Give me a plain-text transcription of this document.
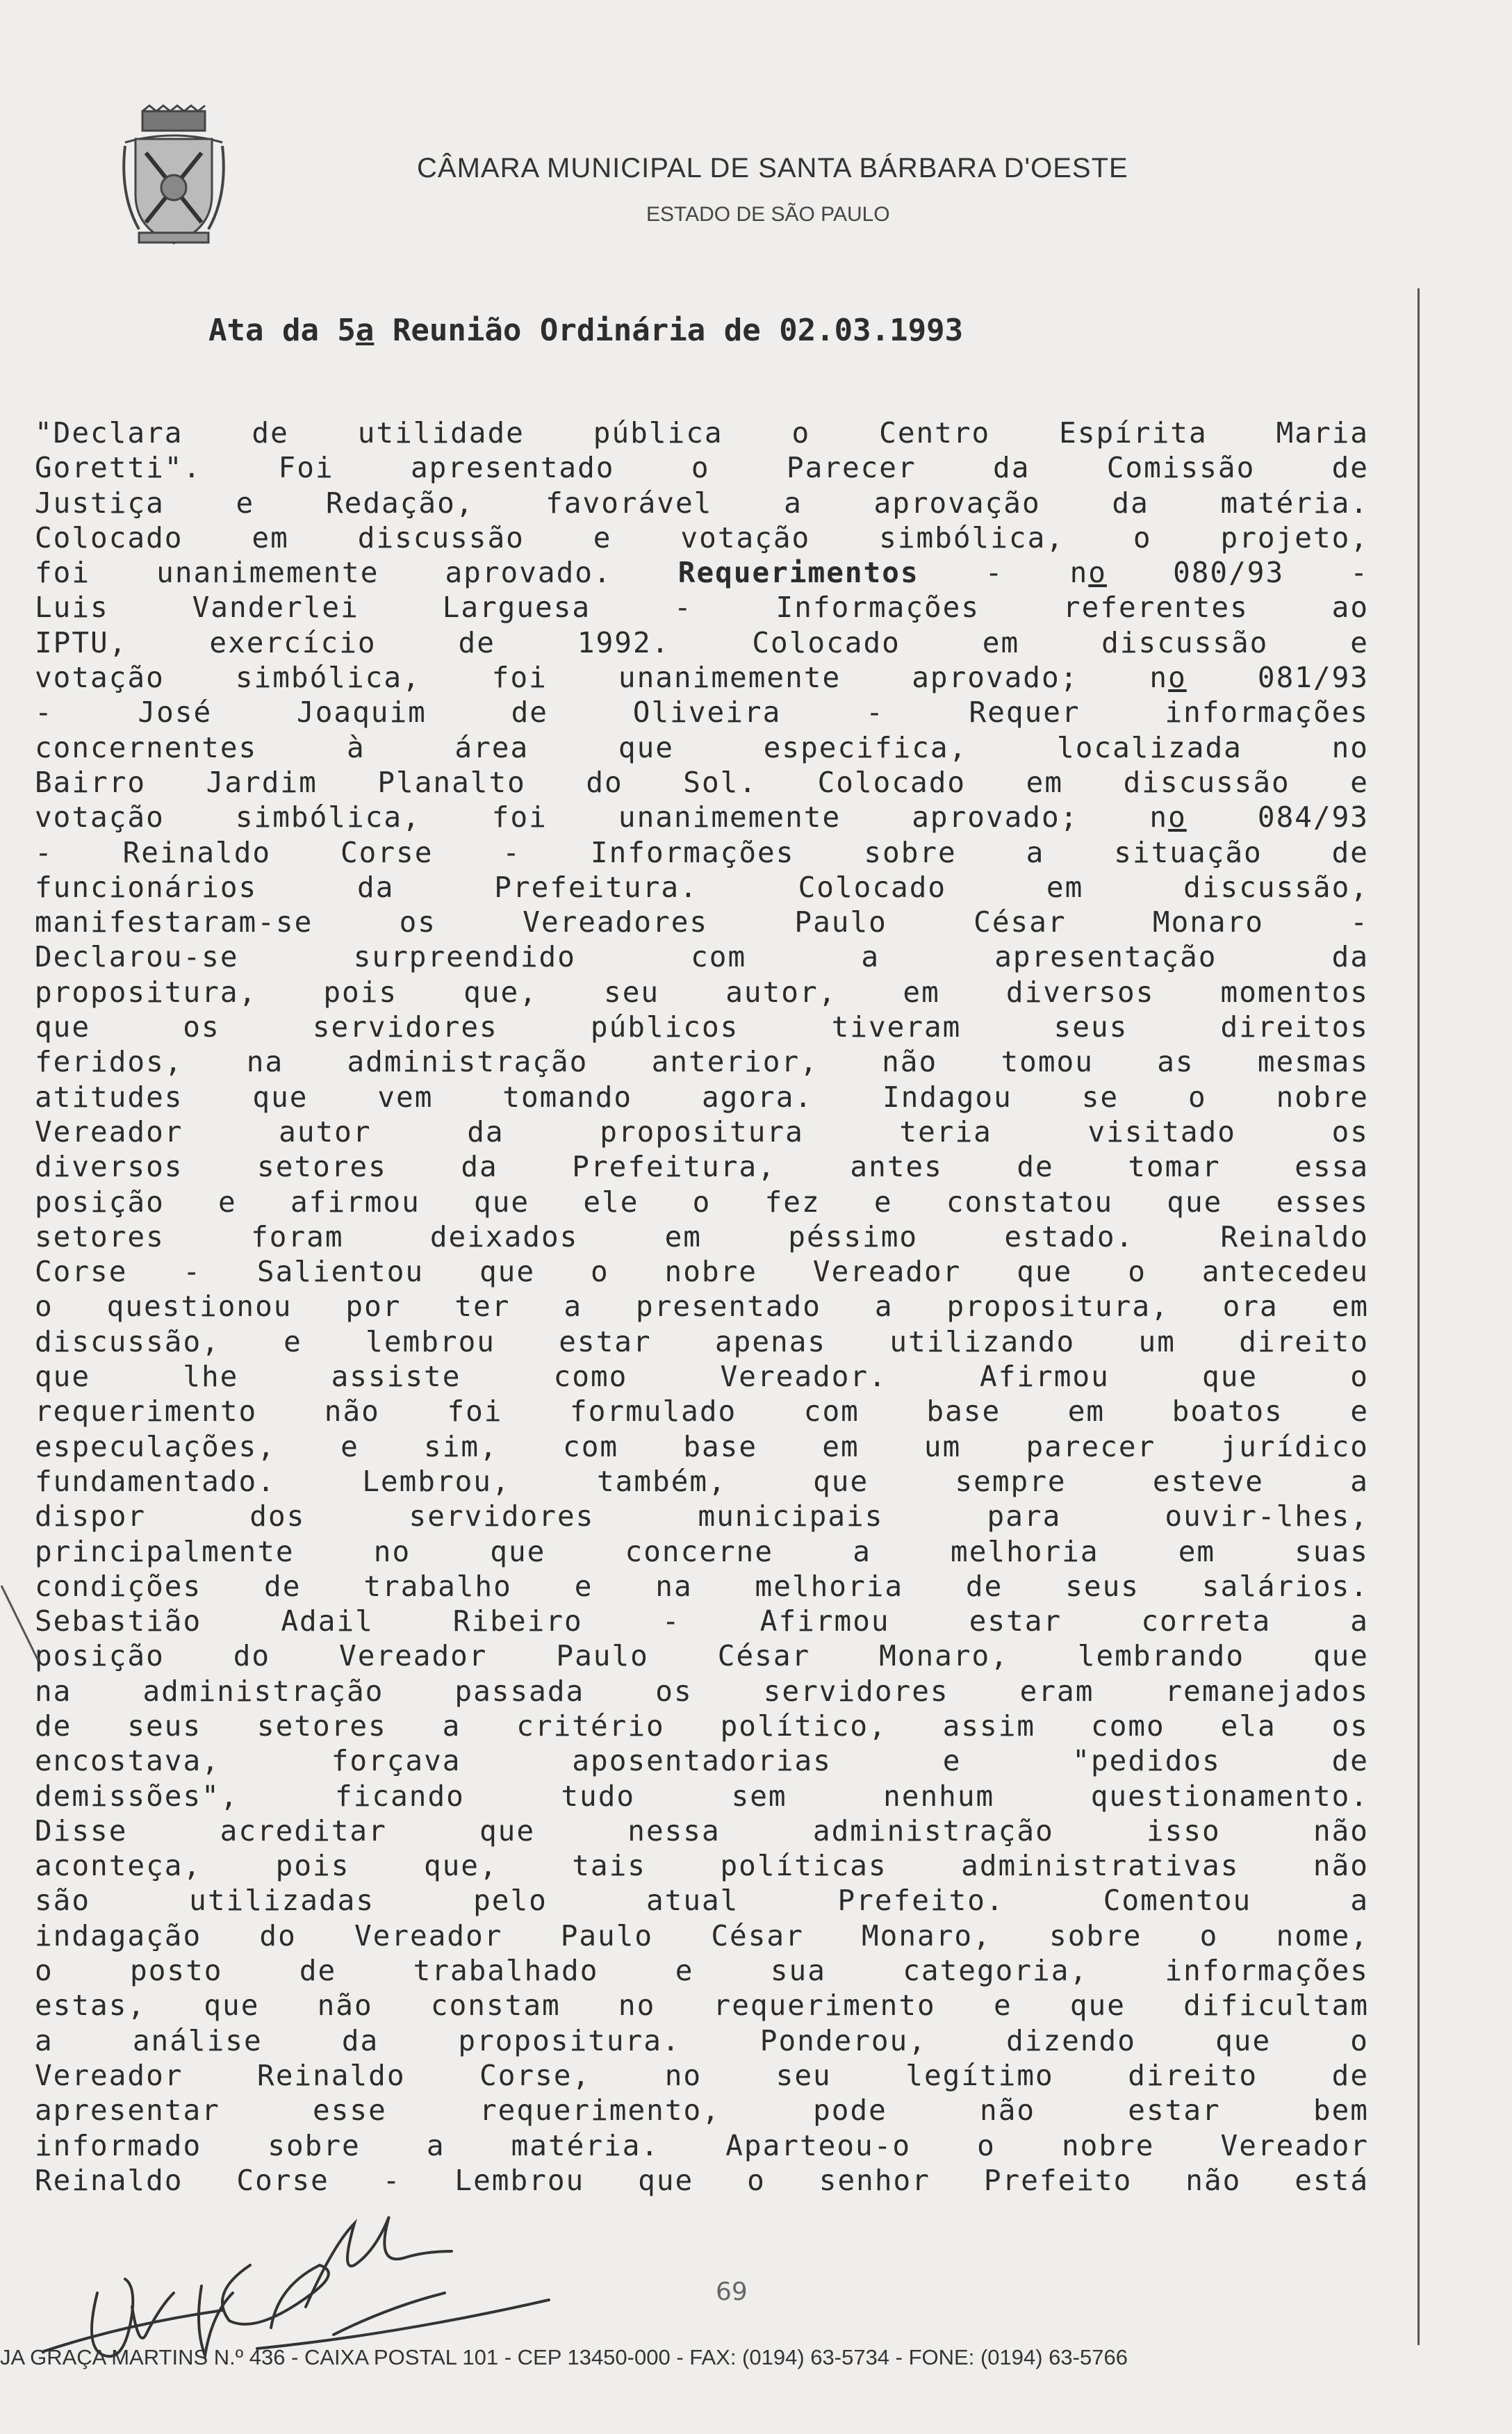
CÂMARA MUNICIPAL DE SANTA BÁRBARA D'OESTE
ESTADO DE SÃO PAULO
Ata da 5a Reunião Ordinária de 02.03.1993
"Declara de utilidade pública o Centro Espírita Maria
Goretti". Foi apresentado o Parecer da Comissão de
Justiça e Redação, favorável a aprovação da matéria.
Colocado em discussão e votação simbólica, o projeto,
foi unanimemente aprovado. Requerimentos - no 080/93 -
Luis Vanderlei Larguesa - Informações referentes ao
IPTU, exercício de 1992. Colocado em discussão e
votação simbólica, foi unanimemente aprovado; no 081/93
- José Joaquim de Oliveira - Requer informações
concernentes à área que especifica, localizada no
Bairro Jardim Planalto do Sol. Colocado em discussão e
votação simbólica, foi unanimemente aprovado; no 084/93
- Reinaldo Corse - Informações sobre a situação de
funcionários da Prefeitura. Colocado em discussão,
manifestaram-se os Vereadores Paulo César Monaro -
Declarou-se surpreendido com a apresentação da
propositura, pois que, seu autor, em diversos momentos
que os servidores públicos tiveram seus direitos
feridos, na administração anterior, não tomou as mesmas
atitudes que vem tomando agora. Indagou se o nobre
Vereador autor da propositura teria visitado os
diversos setores da Prefeitura, antes de tomar essa
posição e afirmou que ele o fez e constatou que esses
setores foram deixados em péssimo estado. Reinaldo
Corse - Salientou que o nobre Vereador que o antecedeu
o questionou por ter a presentado a propositura, ora em
discussão, e lembrou estar apenas utilizando um direito
que lhe assiste como Vereador. Afirmou que o
requerimento não foi formulado com base em boatos e
especulações, e sim, com base em um parecer jurídico
fundamentado. Lembrou, também, que sempre esteve a
dispor dos servidores municipais para ouvir-lhes,
principalmente no que concerne a melhoria em suas
condições de trabalho e na melhoria de seus salários.
Sebastião Adail Ribeiro - Afirmou estar correta a
posição do Vereador Paulo César Monaro, lembrando que
na administração passada os servidores eram remanejados
de seus setores a critério político, assim como ela os
encostava, forçava aposentadorias e "pedidos de
demissões", ficando tudo sem nenhum questionamento.
Disse acreditar que nessa administração isso não
aconteça, pois que, tais políticas administrativas não
são utilizadas pelo atual Prefeito. Comentou a
indagação do Vereador Paulo César Monaro, sobre o nome,
o posto de trabalhado e sua categoria, informações
estas, que não constam no requerimento e que dificultam
a análise da propositura. Ponderou, dizendo que o
Vereador Reinaldo Corse, no seu legítimo direito de
apresentar esse requerimento, pode não estar bem
informado sobre a matéria. Aparteou-o o nobre Vereador
Reinaldo Corse - Lembrou que o senhor Prefeito não está
69
JA GRAÇA MARTINS N.º 436 - CAIXA POSTAL 101 - CEP 13450-000 - FAX: (0194) 63-5734 - FONE: (0194) 63-5766
